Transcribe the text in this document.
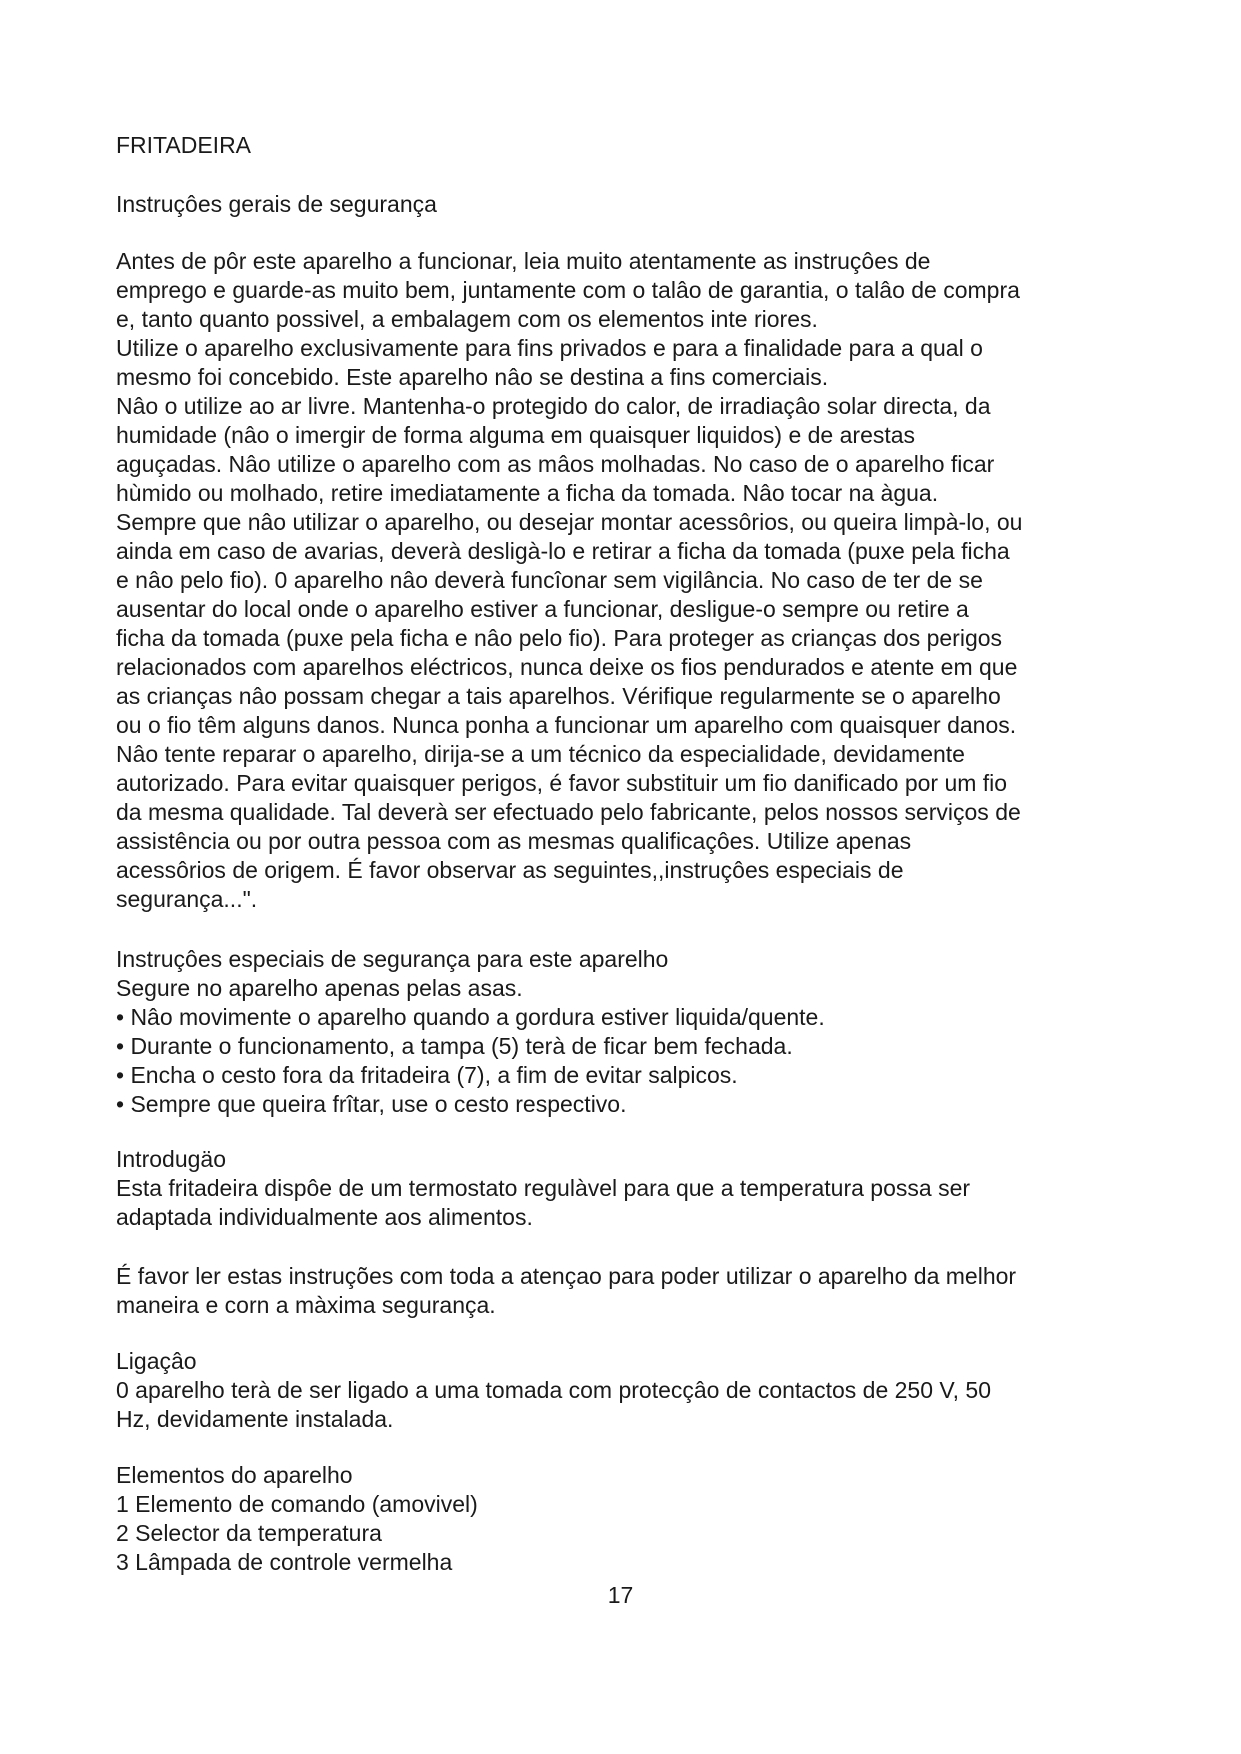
FRITADEIRA
Instruçôes gerais de segurança
Antes de pôr este aparelho a funcionar, leia muito atentamente as instruçôes de
emprego e guarde-as muito bem, juntamente com o talâo de garantia, o talâo de compra
e, tanto quanto possivel, a embalagem com os elementos inte riores.
Utilize o aparelho exclusivamente para fins privados e para a finalidade para a qual o
mesmo foi concebido. Este aparelho nâo se destina a fins comerciais.
Nâo o utilize ao ar livre. Mantenha-o protegido do calor, de irradiaçâo solar directa, da
humidade (nâo o imergir de forma alguma em quaisquer liquidos) e de arestas
aguçadas. Nâo utilize o aparelho com as mâos molhadas. No caso de o aparelho ficar
hùmido ou molhado, retire imediatamente a ficha da tomada. Nâo tocar na àgua.
Sempre que nâo utilizar o aparelho, ou desejar montar acessôrios, ou queira limpà-lo, ou
ainda em caso de avarias, deverà desligà-lo e retirar a ficha da tomada (puxe pela ficha
e nâo pelo fio). 0 aparelho nâo deverà funcîonar sem vigilância. No caso de ter de se
ausentar do local onde o aparelho estiver a funcionar, desligue-o sempre ou retire a
ficha da tomada (puxe pela ficha e nâo pelo fio). Para proteger as crianças dos perigos
relacionados com aparelhos eléctricos, nunca deixe os fios pendurados e atente em que
as crianças nâo possam chegar a tais aparelhos. Vérifique regularmente se o aparelho
ou o fio têm alguns danos. Nunca ponha a funcionar um aparelho com quaisquer danos.
Nâo tente reparar o aparelho, dirija-se a um técnico da especialidade, devidamente
autorizado. Para evitar quaisquer perigos, é favor substituir um fio danificado por um fio
da mesma qualidade. Tal deverà ser efectuado pelo fabricante, pelos nossos serviços de
assistência ou por outra pessoa com as mesmas qualificaçôes. Utilize apenas
acessôrios de origem. É favor observar as seguintes,,instruçôes especiais de
segurança...".
Instruçôes especiais de segurança para este aparelho
Segure no aparelho apenas pelas asas.
• Nâo movimente o aparelho quando a gordura estiver liquida/quente.
• Durante o funcionamento, a tampa (5) terà de ficar bem fechada.
• Encha o cesto fora da fritadeira (7), a fim de evitar salpicos.
• Sempre que queira frîtar, use o cesto respectivo.
Introdugäo
Esta fritadeira dispôe de um termostato regulàvel para que a temperatura possa ser
adaptada individualmente aos alimentos.
É favor ler estas instruções com toda a atençao para poder utilizar o aparelho da melhor
maneira e corn a màxima segurança.
Ligaçâo
0 aparelho terà de ser ligado a uma tomada com protecçâo de contactos de 250 V, 50
Hz, devidamente instalada.
Elementos do aparelho
1 Elemento de comando (amovivel)
2 Selector da temperatura
3 Lâmpada de controle vermelha
17
